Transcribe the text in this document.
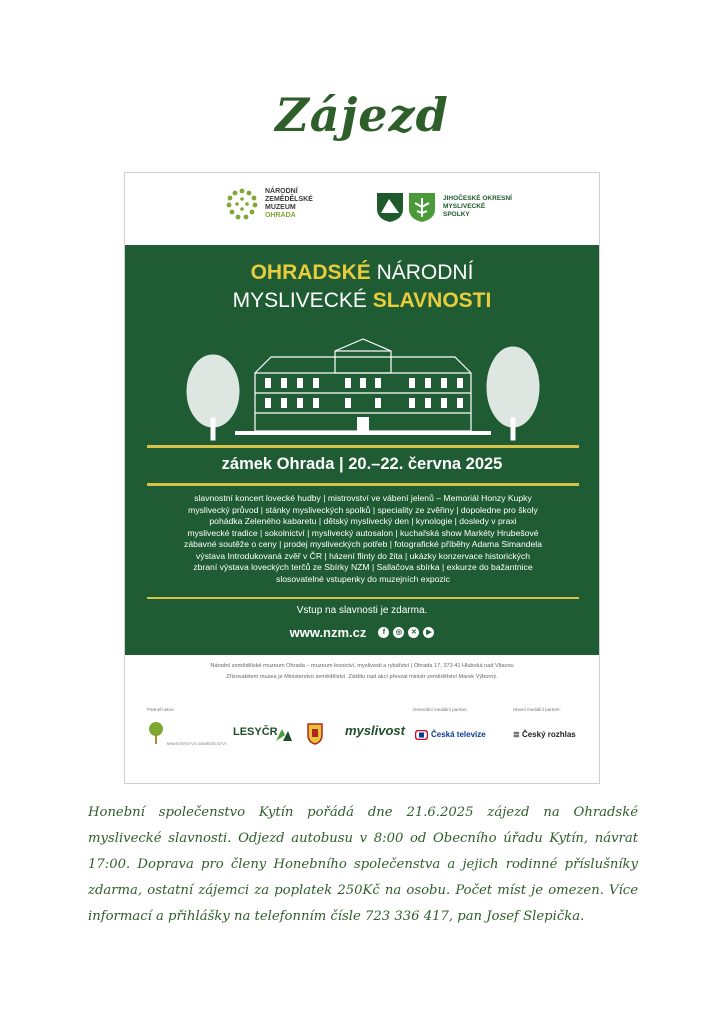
Zájezd
NÁRODNÍ
ZEMĚDĚLSKÉ
MUZEUM
OHRADA
JIHOČESKÉ OKRESNÍ
MYSLIVECKÉ
SPOLKY
OHRADSKÉ NÁRODNÍ
MYSLIVECKÉ SLAVNOSTI
zámek Ohrada | 20.–22. června 2025
slavnostní koncert lovecké hudby | mistrovství ve vábení jelenů – Memoriál Honzy Kupky
myslivecký průvod | stánky mysliveckých spolků | speciality ze zvěřiny | dopoledne pro školy
pohádka Zeleného kabaretu | dětský myslivecký den | kynologie | dosledy v praxi
myslivecké tradice | sokolnictví | myslivecký autosalon | kuchařská show Markéty Hrubešové
zábavné soutěže o ceny | prodej mysliveckých potřeb | fotografické příběhy Adama Simandela
výstava Introdukovaná zvěř v ČR | házení flinty do žita | ukázky konzervace historických
zbraní výstava loveckých terčů ze Sbírky NZM | Sallačova sbírka | exkurze do bažantnice
slosovatelné vstupenky do muzejních expozic
Vstup na slavnosti je zdarma.
www.nzm.cz	f	◎	✕	▶
Národní zemědělské muzeum Ohrada – muzeum lesnictví, myslivosti a rybářství | Ohrada 17, 373 41 Hluboká nad Vltavou
Zřizovatelem muzea je Ministerstvo zemědělství. Záštitu nad akcí převzal ministr zemědělství Marek Výborný.
Partneři akce:	Generální mediální partner:	Hlavní mediální partner:
MINISTERSTVO ZEMĚDĚLSTVÍ
LESYČR	myslivost	Česká televize	≣ Český rozhlas
Honební společenstvo Kytín pořádá dne 21.6.2025 zájezd na Ohradské myslivecké slavnosti. Odjezd autobusu v 8:00 od Obecního úřadu Kytín, návrat 17:00. Doprava pro členy Honebního společenstva a jejich rodinné příslušníky zdarma, ostatní zájemci za poplatek 250Kč na osobu. Počet míst je omezen. Více informací a přihlášky na telefonním čísle 723 336 417, pan Josef Slepička.
